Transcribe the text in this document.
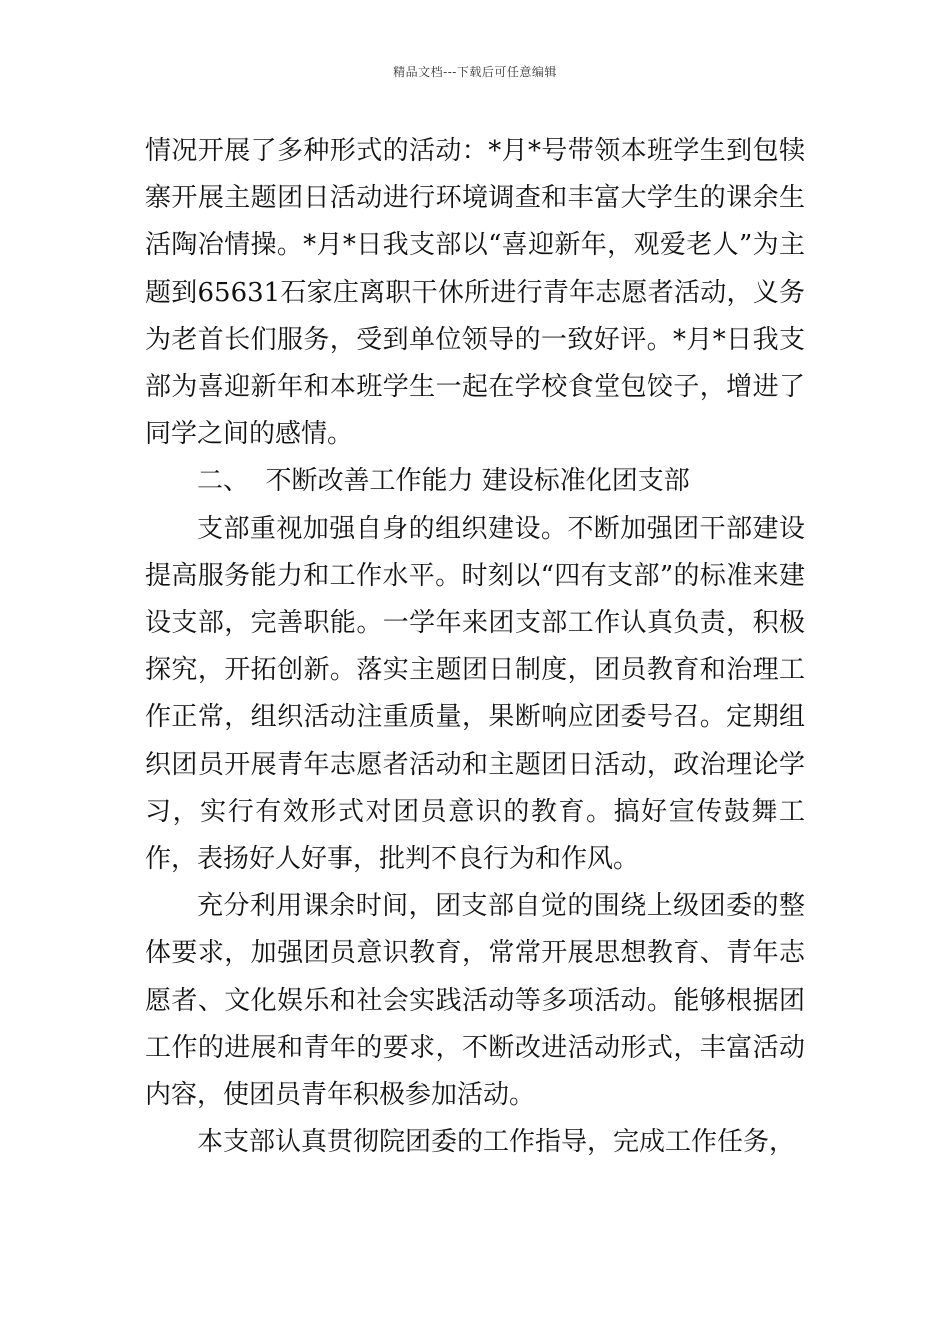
精品文档---下载后可任意编辑

情况开展了多种形式的活动：*月*号带领本班学生到包犊寨开展主题团日活动进行环境调查和丰富大学生的课余生活陶冶情操。*月*日我支部以“喜迎新年，观爱老人”为主题到65631石家庄离职干休所进行青年志愿者活动，义务为老首长们服务，受到单位领导的一致好评。*月*日我支部为喜迎新年和本班学生一起在学校食堂包饺子，增进了同学之间的感情。

二、  不断改善工作能力 建设标准化团支部

支部重视加强自身的组织建设。不断加强团干部建设提高服务能力和工作水平。时刻以“四有支部”的标准来建设支部，完善职能。一学年来团支部工作认真负责，积极探究，开拓创新。落实主题团日制度，团员教育和治理工作正常，组织活动注重质量，果断响应团委号召。定期组织团员开展青年志愿者活动和主题团日活动，政治理论学习，实行有效形式对团员意识的教育。搞好宣传鼓舞工作，表扬好人好事，批判不良行为和作风。

充分利用课余时间，团支部自觉的围绕上级团委的整体要求，加强团员意识教育，常常开展思想教育、青年志愿者、文化娱乐和社会实践活动等多项活动。能够根据团工作的进展和青年的要求，不断改进活动形式，丰富活动内容，使团员青年积极参加活动。

本支部认真贯彻院团委的工作指导，完成工作任务，
